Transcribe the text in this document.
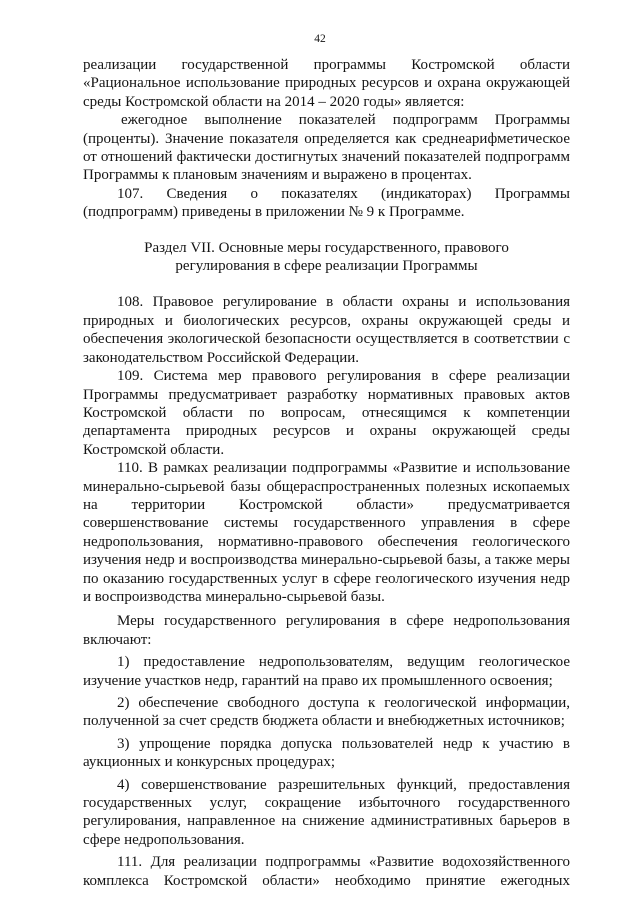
42

реализации государственной программы Костромской области «Рациональное использование природных ресурсов и охрана окружающей среды Костромской области на 2014 – 2020 годы» является:

ежегодное выполнение показателей подпрограмм Программы (проценты). Значение показателя определяется как среднеарифметическое от отношений фактически достигнутых значений показателей подпрограмм Программы к плановым значениям и выражено в процентах.

107. Сведения о показателях (индикаторах) Программы (подпрограмм) приведены в приложении № 9 к Программе.

Раздел VII. Основные меры государственного, правового
регулирования в сфере реализации Программы

108. Правовое регулирование в области охраны и использования природных и биологических ресурсов, охраны окружающей среды и обеспечения экологической безопасности осуществляется в соответствии с законодательством Российской Федерации.

109. Система мер правового регулирования в сфере реализации Программы предусматривает разработку нормативных правовых актов Костромской области по вопросам, отнесящимся к компетенции департамента природных ресурсов и охраны окружающей среды Костромской области.

110. В рамках реализации подпрограммы «Развитие и использование минерально-сырьевой базы общераспространенных полезных ископаемых на территории Костромской области» предусматривается совершенствование системы государственного управления в сфере недропользования, нормативно-правового обеспечения геологического изучения недр и воспроизводства минерально-сырьевой базы, а также меры по оказанию государственных услуг в сфере геологического изучения недр и воспроизводства минерально-сырьевой базы.

Меры государственного регулирования в сфере недропользования включают:

1) предоставление недропользователям, ведущим геологическое изучение участков недр, гарантий на право их промышленного освоения;

2) обеспечение свободного доступа к геологической информации, полученной за счет средств бюджета области и внебюджетных источников;

3) упрощение порядка допуска пользователей недр к участию в аукционных и конкурсных процедурах;

4) совершенствование разрешительных функций, предоставления государственных услуг, сокращение избыточного государственного регулирования, направленное на снижение административных барьеров в сфере недропользования.

111. Для реализации подпрограммы «Развитие водохозяйственного комплекса Костромской области» необходимо принятие ежегодных
